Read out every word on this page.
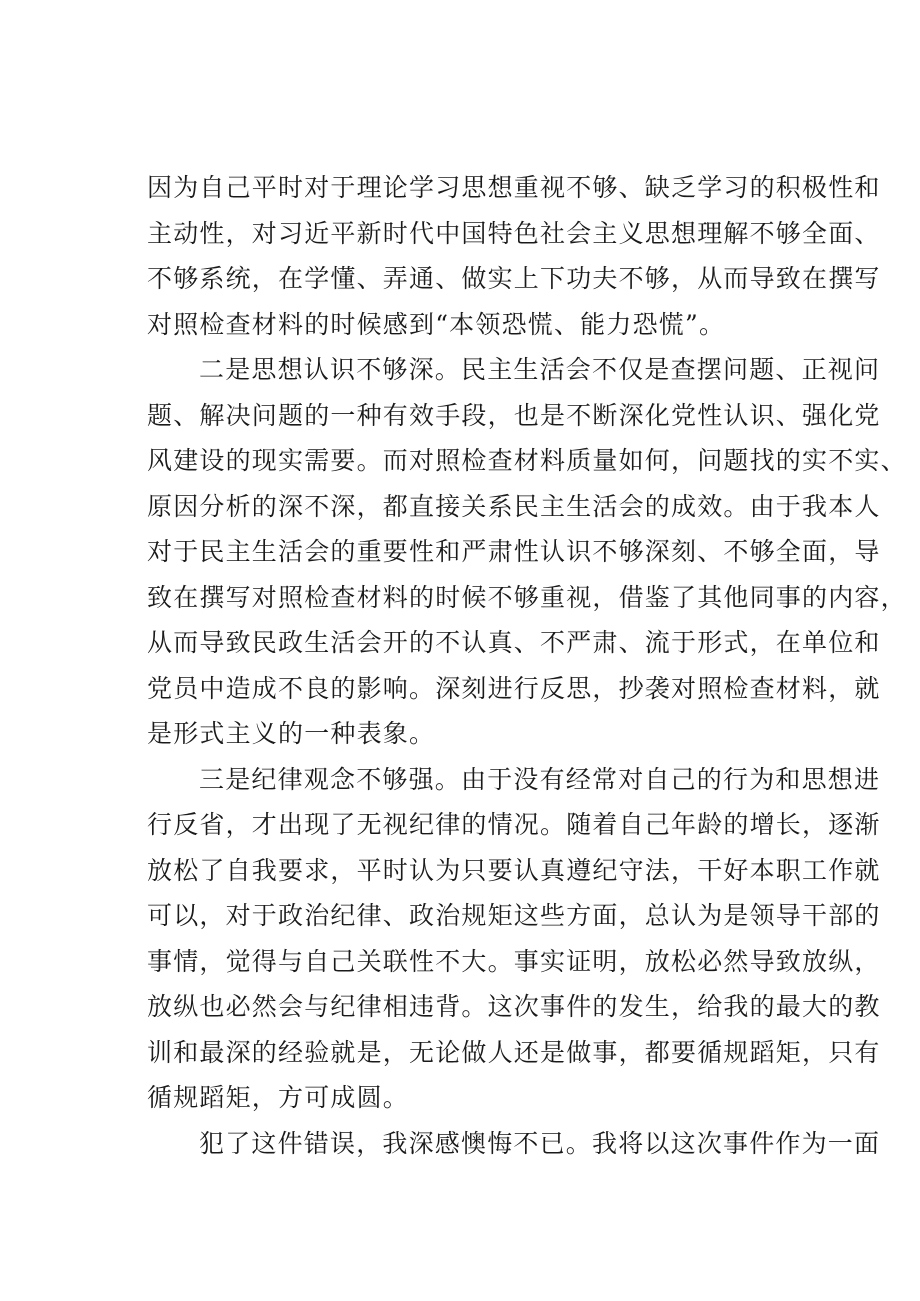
因为自己平时对于理论学习思想重视不够、缺乏学习的积极性和
主动性，对习近平新时代中国特色社会主义思想理解不够全面、
不够系统，在学懂、弄通、做实上下功夫不够，从而导致在撰写
对照检查材料的时候感到“本领恐慌、能力恐慌”。
二是思想认识不够深。民主生活会不仅是查摆问题、正视问
题、解决问题的一种有效手段，也是不断深化党性认识、强化党
风建设的现实需要。而对照检查材料质量如何，问题找的实不实、
原因分析的深不深，都直接关系民主生活会的成效。由于我本人
对于民主生活会的重要性和严肃性认识不够深刻、不够全面，导
致在撰写对照检查材料的时候不够重视，借鉴了其他同事的内容，
从而导致民政生活会开的不认真、不严肃、流于形式，在单位和
党员中造成不良的影响。深刻进行反思，抄袭对照检查材料，就
是形式主义的一种表象。
三是纪律观念不够强。由于没有经常对自己的行为和思想进
行反省，才出现了无视纪律的情况。随着自己年龄的增长，逐渐
放松了自我要求，平时认为只要认真遵纪守法，干好本职工作就
可以，对于政治纪律、政治规矩这些方面，总认为是领导干部的
事情，觉得与自己关联性不大。事实证明，放松必然导致放纵，
放纵也必然会与纪律相违背。这次事件的发生，给我的最大的教
训和最深的经验就是，无论做人还是做事，都要循规蹈矩，只有
循规蹈矩，方可成圆。
犯了这件错误，我深感懊悔不已。我将以这次事件作为一面
